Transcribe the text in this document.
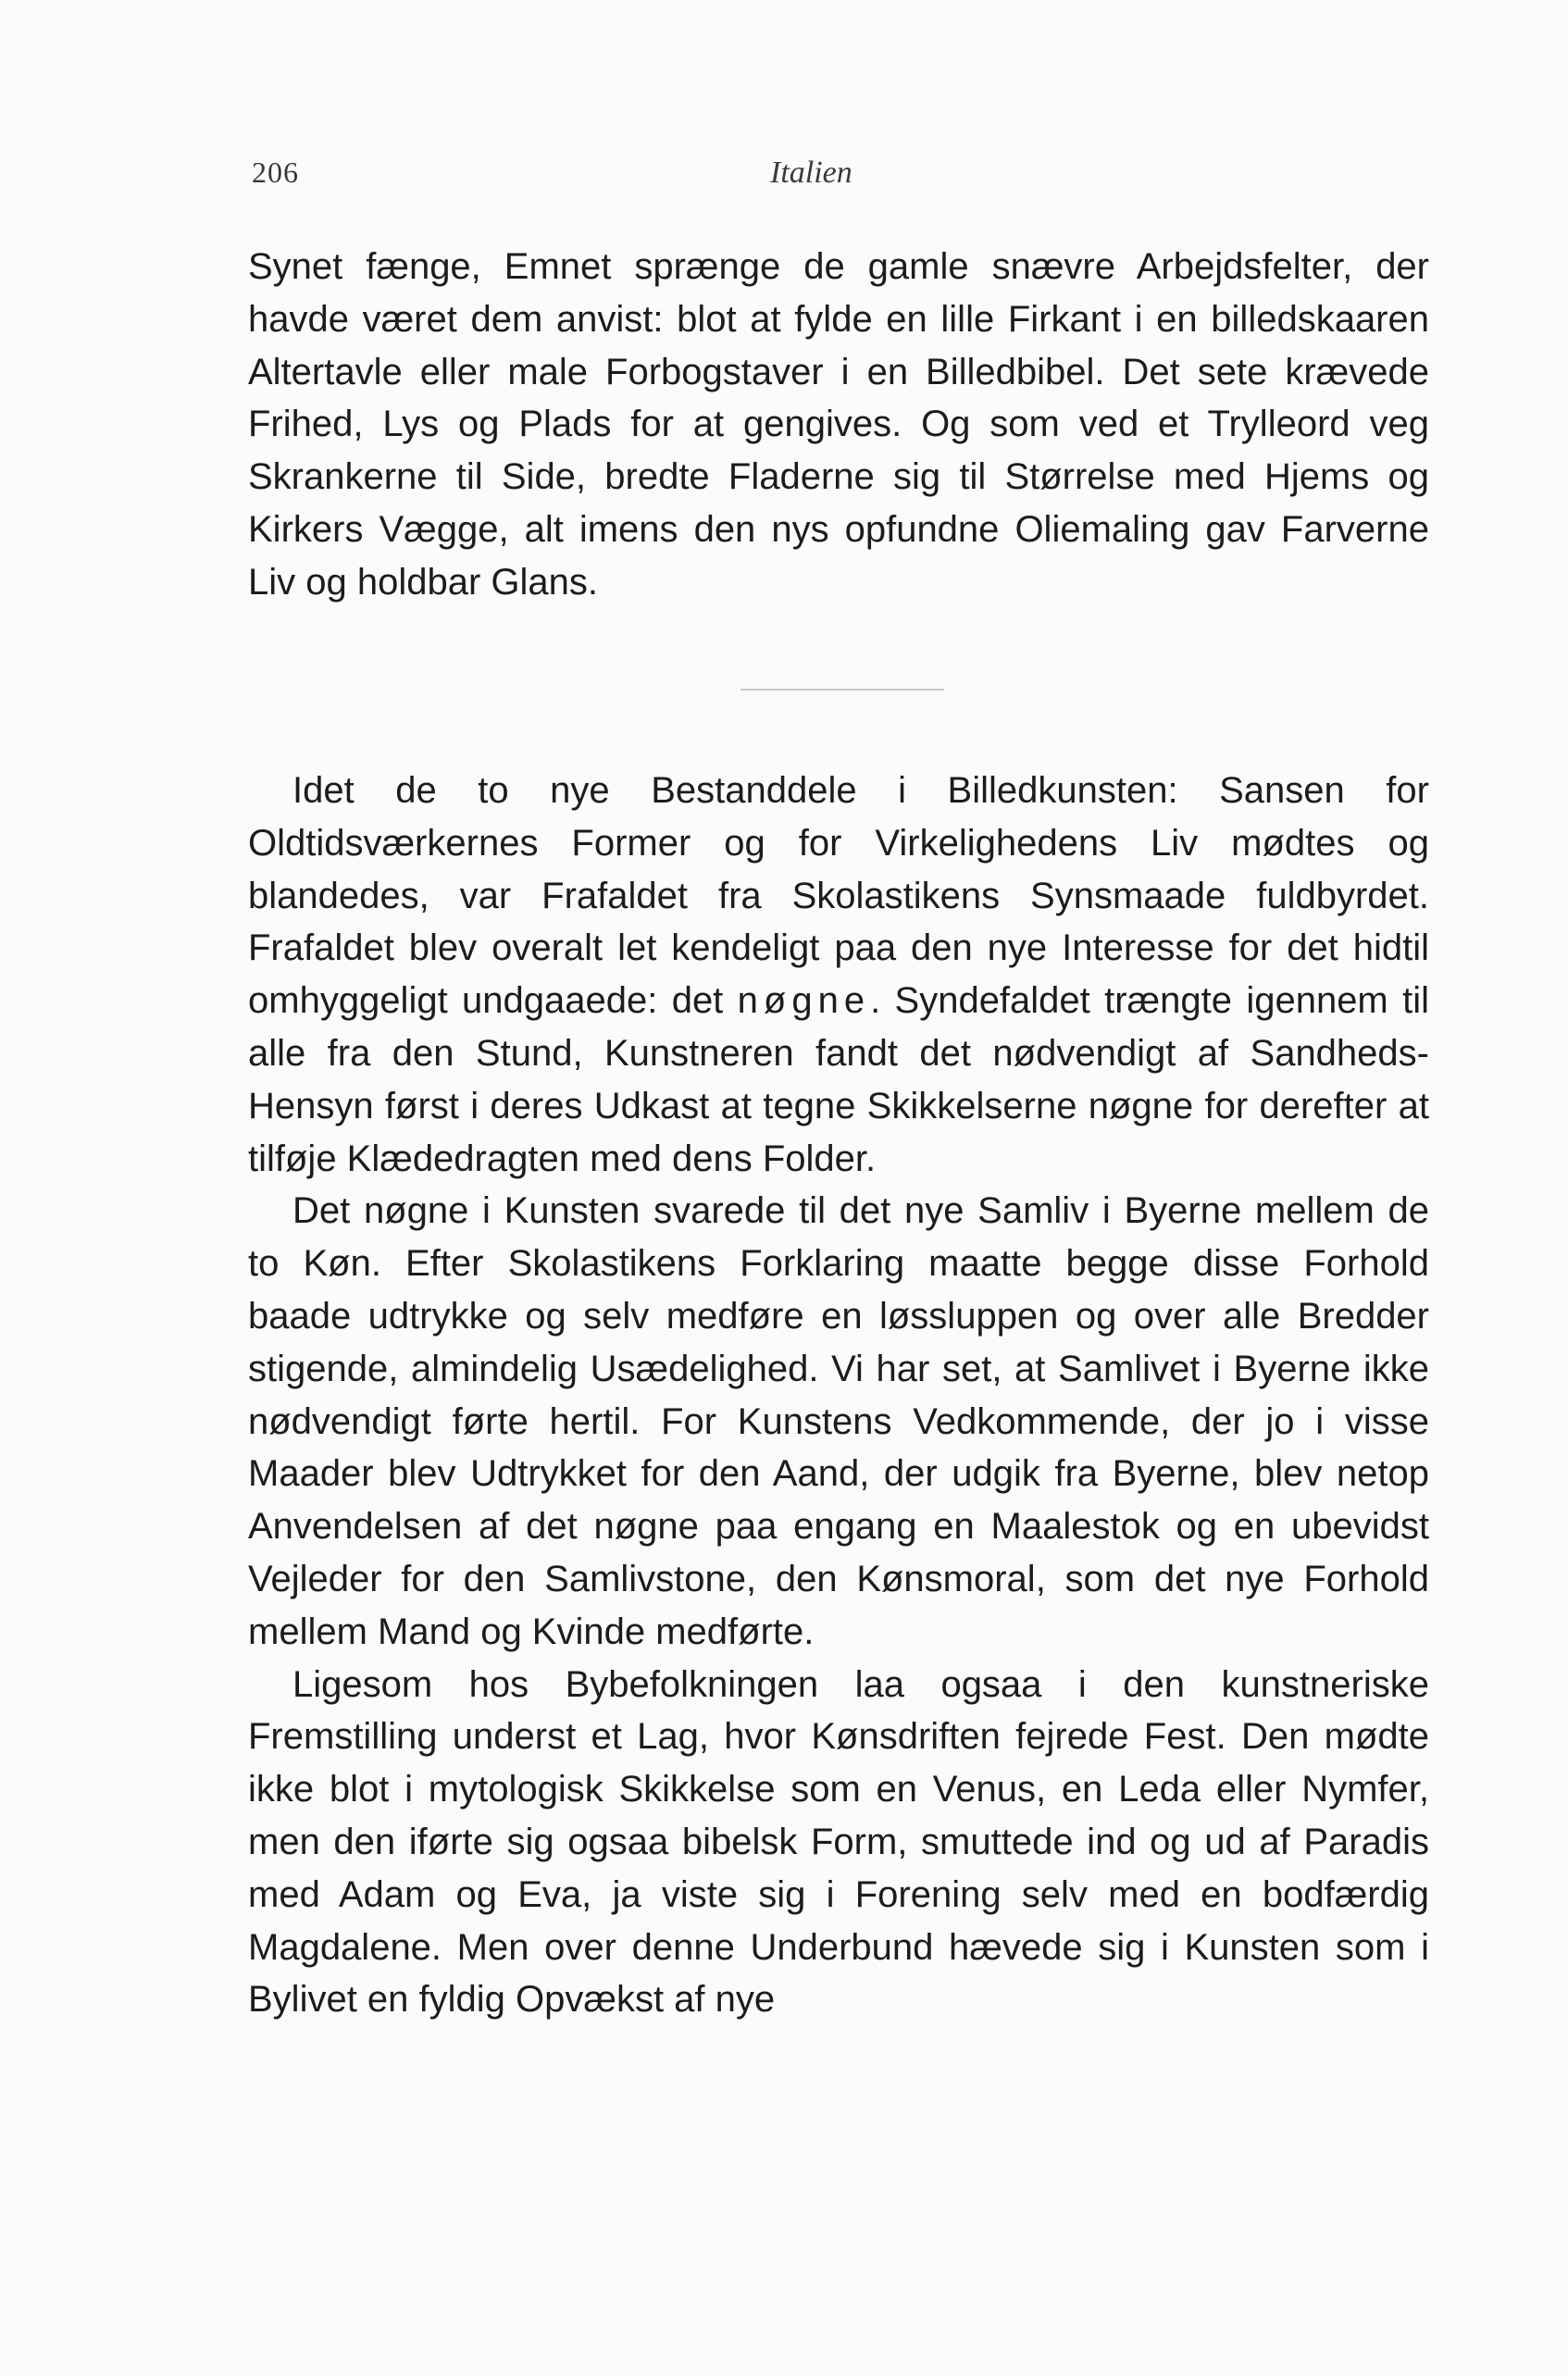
206	Italien

Synet fænge, Emnet sprænge de gamle snævre Arbejdsfelter, der havde været dem anvist: blot at fylde en lille Firkant i en billedskaaren Altertavle eller male Forbogstaver i en Billedbibel. Det sete krævede Frihed, Lys og Plads for at gengives. Og som ved et Trylleord veg Skrankerne til Side, bredte Fladerne sig til Størrelse med Hjems og Kirkers Vægge, alt imens den nys opfundne Oliemaling gav Farverne Liv og holdbar Glans.

Idet de to nye Bestanddele i Billedkunsten: Sansen for Oldtidsværkernes Former og for Virkelighedens Liv mødtes og blandedes, var Frafaldet fra Skolastikens Synsmaade fuldbyrdet. Frafaldet blev overalt let kendeligt paa den nye Interesse for det hidtil omhyggeligt undgaaede: det nøgne. Syndefaldet trængte igennem til alle fra den Stund, Kunstneren fandt det nødvendigt af Sandheds-Hensyn først i deres Udkast at tegne Skikkelserne nøgne for derefter at tilføje Klædedragten med dens Folder.

Det nøgne i Kunsten svarede til det nye Samliv i Byerne mellem de to Køn. Efter Skolastikens Forklaring maatte begge disse Forhold baade udtrykke og selv medføre en løssluppen og over alle Bredder stigende, almindelig Usædelighed. Vi har set, at Samlivet i Byerne ikke nødvendigt førte hertil. For Kunstens Vedkommende, der jo i visse Maader blev Udtrykket for den Aand, der udgik fra Byerne, blev netop Anvendelsen af det nøgne paa engang en Maalestok og en ubevidst Vejleder for den Samlivstone, den Kønsmoral, som det nye Forhold mellem Mand og Kvinde medførte.

Ligesom hos Bybefolkningen laa ogsaa i den kunstneriske Fremstilling underst et Lag, hvor Kønsdriften fejrede Fest. Den mødte ikke blot i mytologisk Skikkelse som en Venus, en Leda eller Nymfer, men den iførte sig ogsaa bibelsk Form, smuttede ind og ud af Paradis med Adam og Eva, ja viste sig i Forening selv med en bodfærdig Magdalene. Men over denne Underbund hævede sig i Kunsten som i Bylivet en fyldig Opvækst af nye
